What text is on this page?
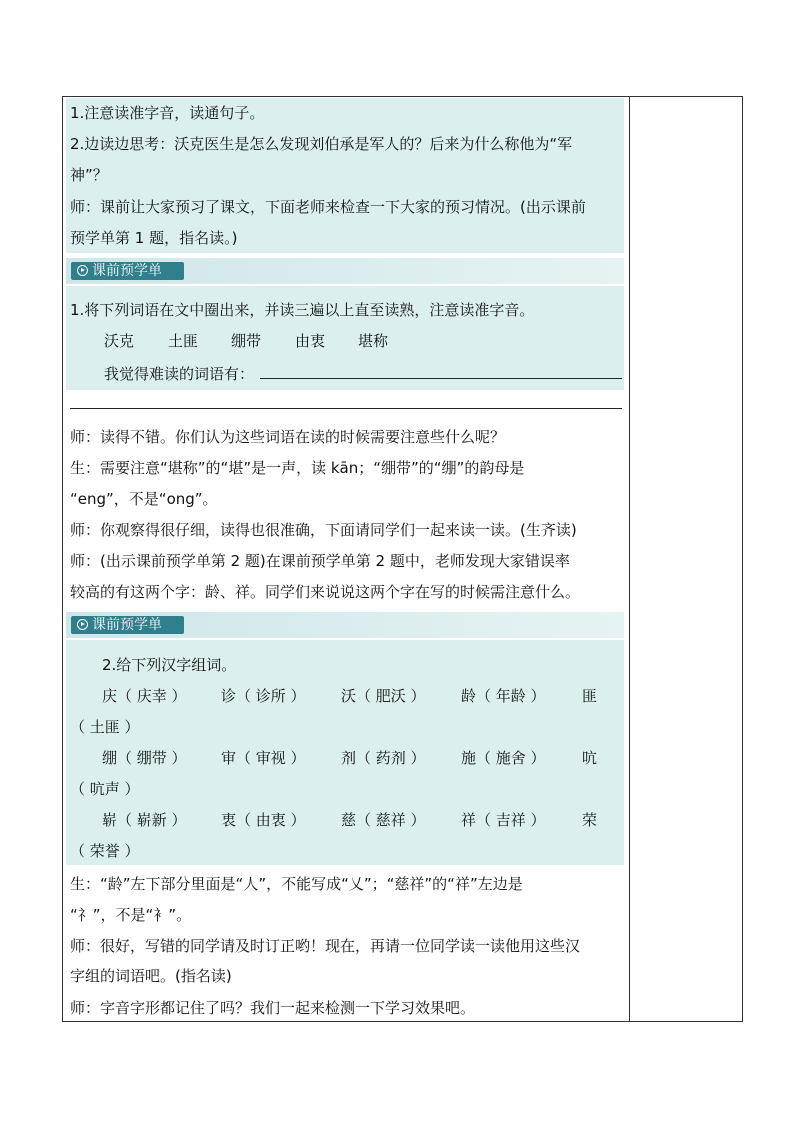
1.注意读准字音，读通句子。
2.边读边思考：沃克医生是怎么发现刘伯承是军人的？后来为什么称他为“军
神”？
师：课前让大家预习了课文，下面老师来检查一下大家的预习情况。(出示课前
预学单第 1 题，指名读。)
课前预学单
1.将下列词语在文中圈出来，并读三遍以上直至读熟，注意读准字音。
沃克 土匪 绷带 由衷 堪称
我觉得难读的词语有：
师：读得不错。你们认为这些词语在读的时候需要注意些什么呢？
生：需要注意“堪称”的“堪”是一声，读 kān；“绷带”的“绷”的韵母是
“eng”，不是“ong”。
师：你观察得很仔细，读得也很准确，下面请同学们一起来读一读。(生齐读)
师：(出示课前预学单第 2 题)在课前预学单第 2 题中，老师发现大家错误率
较高的有这两个字：龄、祥。同学们来说说这两个字在写的时候需注意什么。
课前预学单
2.给下列汉字组词。
庆（ 庆幸 ） 诊（ 诊所 ） 沃（ 肥沃 ） 龄（ 年龄 ） 匪
（ 土匪 ）
绷（ 绷带 ） 审（ 审视 ） 剂（ 药剂 ） 施（ 施舍 ） 吭
（ 吭声 ）
崭（ 崭新 ） 衷（ 由衷 ） 慈（ 慈祥 ） 祥（ 吉祥 ） 荣
（ 荣誉 ）
生：“龄”左下部分里面是“人”，不能写成“乂”；“慈祥”的“祥”左边是
“礻”，不是“衤”。
师：很好，写错的同学请及时订正哟！现在，再请一位同学读一读他用这些汉
字组的词语吧。(指名读)
师：字音字形都记住了吗？我们一起来检测一下学习效果吧。
